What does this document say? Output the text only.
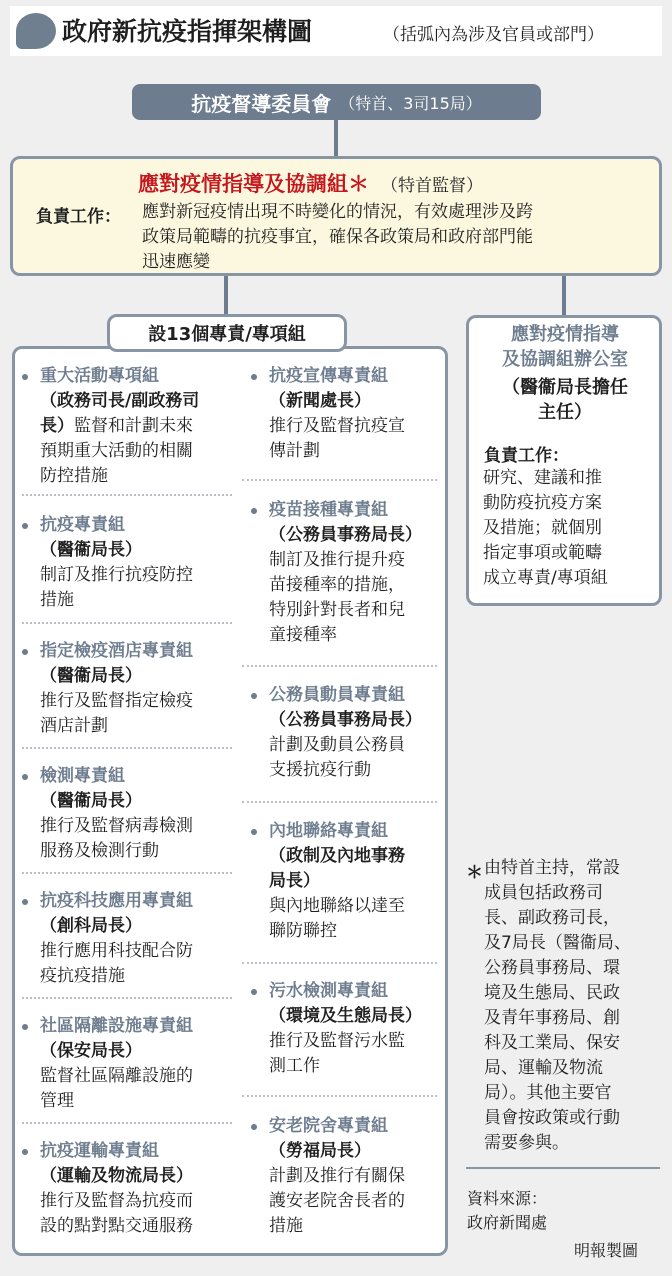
政府新抗疫指揮架構圖	（括弧內為涉及官員或部門）
抗疫督導委員會 （特首、3司15局）
應對疫情指導及協調組＊ （特首監督）
負責工作： 應對新冠疫情出現不時變化的情況，有效處理涉及跨
政策局範疇的抗疫事宜，確保各政策局和政府部門能
迅速應變
設13個專責/專項組
重大活動專項組
（政務司長/副政務司
長）監督和計劃未來
預期重大活動的相關
防控措施
抗疫專責組
（醫衞局長）
制訂及推行抗疫防控
措施
指定檢疫酒店專責組
（醫衞局長）
推行及監督指定檢疫
酒店計劃
檢測專責組
（醫衞局長）
推行及監督病毒檢測
服務及檢測行動
抗疫科技應用專責組
（創科局長）
推行應用科技配合防
疫抗疫措施
社區隔離設施專責組
（保安局長）
監督社區隔離設施的
管理
抗疫運輸專責組
（運輸及物流局長）
推行及監督為抗疫而
設的點對點交通服務
抗疫宣傳專責組
（新聞處長）
推行及監督抗疫宣
傳計劃
疫苗接種專責組
（公務員事務局長）
制訂及推行提升疫
苗接種率的措施，
特別針對長者和兒
童接種率
公務員動員專責組
（公務員事務局長）
計劃及動員公務員
支援抗疫行動
內地聯絡專責組
（政制及內地事務
局長）
與內地聯絡以達至
聯防聯控
污水檢測專責組
（環境及生態局長）
推行及監督污水監
測工作
安老院舍專責組
（勞福局長）
計劃及推行有關保
護安老院舍長者的
措施
應對疫情指導
及協調組辦公室
（醫衞局長擔任
主任）
負責工作：
研究、建議和推
動防疫抗疫方案
及措施；就個別
指定事項或範疇
成立專責/專項組
＊ 由特首主持，常設
成員包括政務司
長、副政務司長，
及7局長（醫衞局、
公務員事務局、環
境及生態局、民政
及青年事務局、創
科及工業局、保安
局、運輸及物流
局）。其他主要官
員會按政策或行動
需要參與。
資料來源：
政府新聞處
明報製圖
